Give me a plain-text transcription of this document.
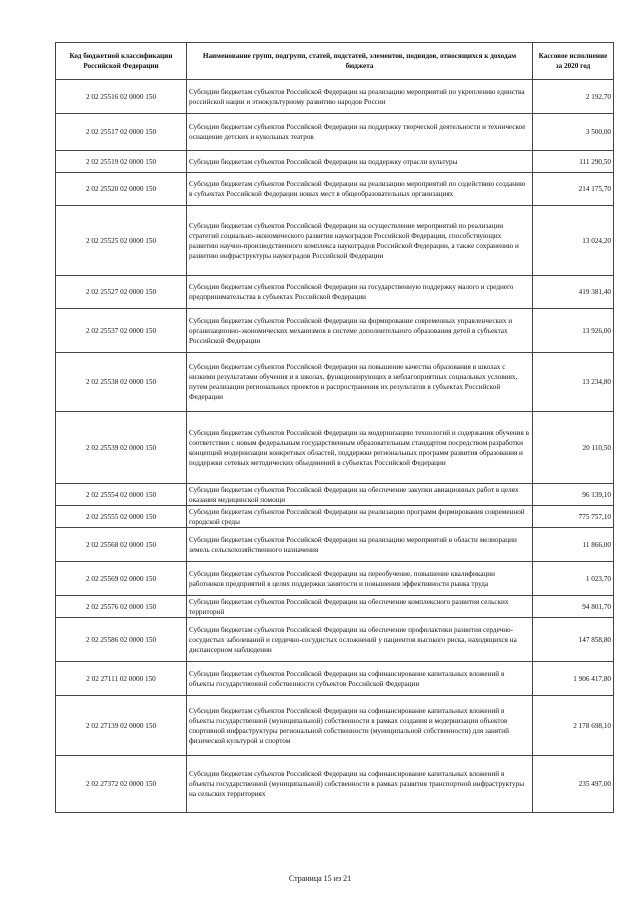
Код бюджетной классификации Российской Федерации	Наименование групп, подгрупп, статей, подстатей, элементов, подвидов, относящихся к доходам бюджета	Кассовое исполнение за 2020 год
2 02 25516 02 0000 150	Субсидии бюджетам субъектов Российской Федерации на реализацию мероприятий по укреплению единства российской нации и этнокультурному развитию народов России	2 192,70
2 02 25517 02 0000 150	Субсидии бюджетам субъектов Российской Федерации на поддержку творческой деятельности и техническое оснащение детских и кукольных театров	3 500,00
2 02 25519 02 0000 150	Субсидии бюджетам субъектов Российской Федерации на поддержку отрасли культуры	111 290,50
2 02 25520 02 0000 150	Субсидии бюджетам субъектов Российской Федерации на реализацию мероприятий по содействию созданию в субъектах Российской Федерации новых мест в общеобразовательных организациях	214 175,70
2 02 25525 02 0000 150	Субсидии бюджетам субъектов Российской Федерации на осуществление мероприятий по реализации стратегий социально-экономического развития наукоградов Российской Федерации, способствующих развитию научно-производственного комплекса наукоградов Российской Федерации, а также сохранению и развитию инфраструктуры наукоградов Российской Федерации	13 024,20
2 02 25527 02 0000 150	Субсидии бюджетам субъектов Российской Федерации на государственную поддержку малого и среднего предпринимательства в субъектах Российской Федерации	419 381,40
2 02 25537 02 0000 150	Субсидии бюджетам субъектов Российской Федерации на формирование современных управленческих и организационно-экономических механизмов в системе дополнительного образования детей в субъектах Российской Федерации	13 926,00
2 02 25538 02 0000 150	Субсидии бюджетам субъектов Российской Федерации на повышение качества образования в школах с низкими результатами обучения и в школах, функционирующих в неблагоприятных социальных условиях, путем реализации региональных проектов и распространения их результатов в субъектах Российской Федерации	13 234,80
2 02 25539 02 0000 150	Субсидии бюджетам субъектов Российской Федерации на модернизацию технологий и содержания обучения в соответствии с новым федеральным государственным образовательным стандартом посредством разработки концепций модернизации конкретных областей, поддержки региональных программ развития образования и поддержки сетевых методических объединений в субъектах Российской Федерации	20 110,50
2 02 25554 02 0000 150	Субсидии бюджетам субъектов Российской Федерации на обеспечение закупки авиационных работ в целях оказания медицинской помощи	96 139,10
2 02 25555 02 0000 150	Субсидии бюджетам субъектов Российской Федерации на реализацию программ формирования современной городской среды	775 757,10
2 02 25568 02 0000 150	Субсидии бюджетам субъектов Российской Федерации на реализацию мероприятий в области мелиорации земель сельскохозяйственного назначения	11 866,00
2 02 25569 02 0000 150	Субсидии бюджетам субъектов Российской Федерации на переобучение, повышение квалификации работников предприятий в целях поддержки занятости и повышения эффективности рынка труда	1 023,70
2 02 25576 02 0000 150	Субсидии бюджетам субъектов Российской Федерации на обеспечение комплексного развития сельских территорий	94 801,70
2 02 25586 02 0000 150	Субсидии бюджетам субъектов Российской Федерации на обеспечение профилактики развития сердечно-сосудистых заболеваний и сердечно-сосудистых осложнений у пациентов высокого риска, находящихся на диспансерном наблюдении	147 858,80
2 02 27111 02 0000 150	Субсидии бюджетам субъектов Российской Федерации на софинансирование капитальных вложений в объекты государственной собственности субъектов Российской Федерации	1 906 417,80
2 02 27139 02 0000 150	Субсидии бюджетам субъектов Российской Федерации на софинансирование капитальных вложений в объекты государственной (муниципальной) собственности в рамках создания и модернизации объектов спортивной инфраструктуры региональной собственности (муниципальной собственности) для занятий физической культурой и спортом	2 178 698,10
2 02 27372 02 0000 150	Субсидии бюджетам субъектов Российской Федерации на софинансирование капитальных вложений в объекты государственной (муниципальной) собственности в рамках развития транспортной инфраструктуры на сельских территориях	235 497,00
Страница 15 из 21
